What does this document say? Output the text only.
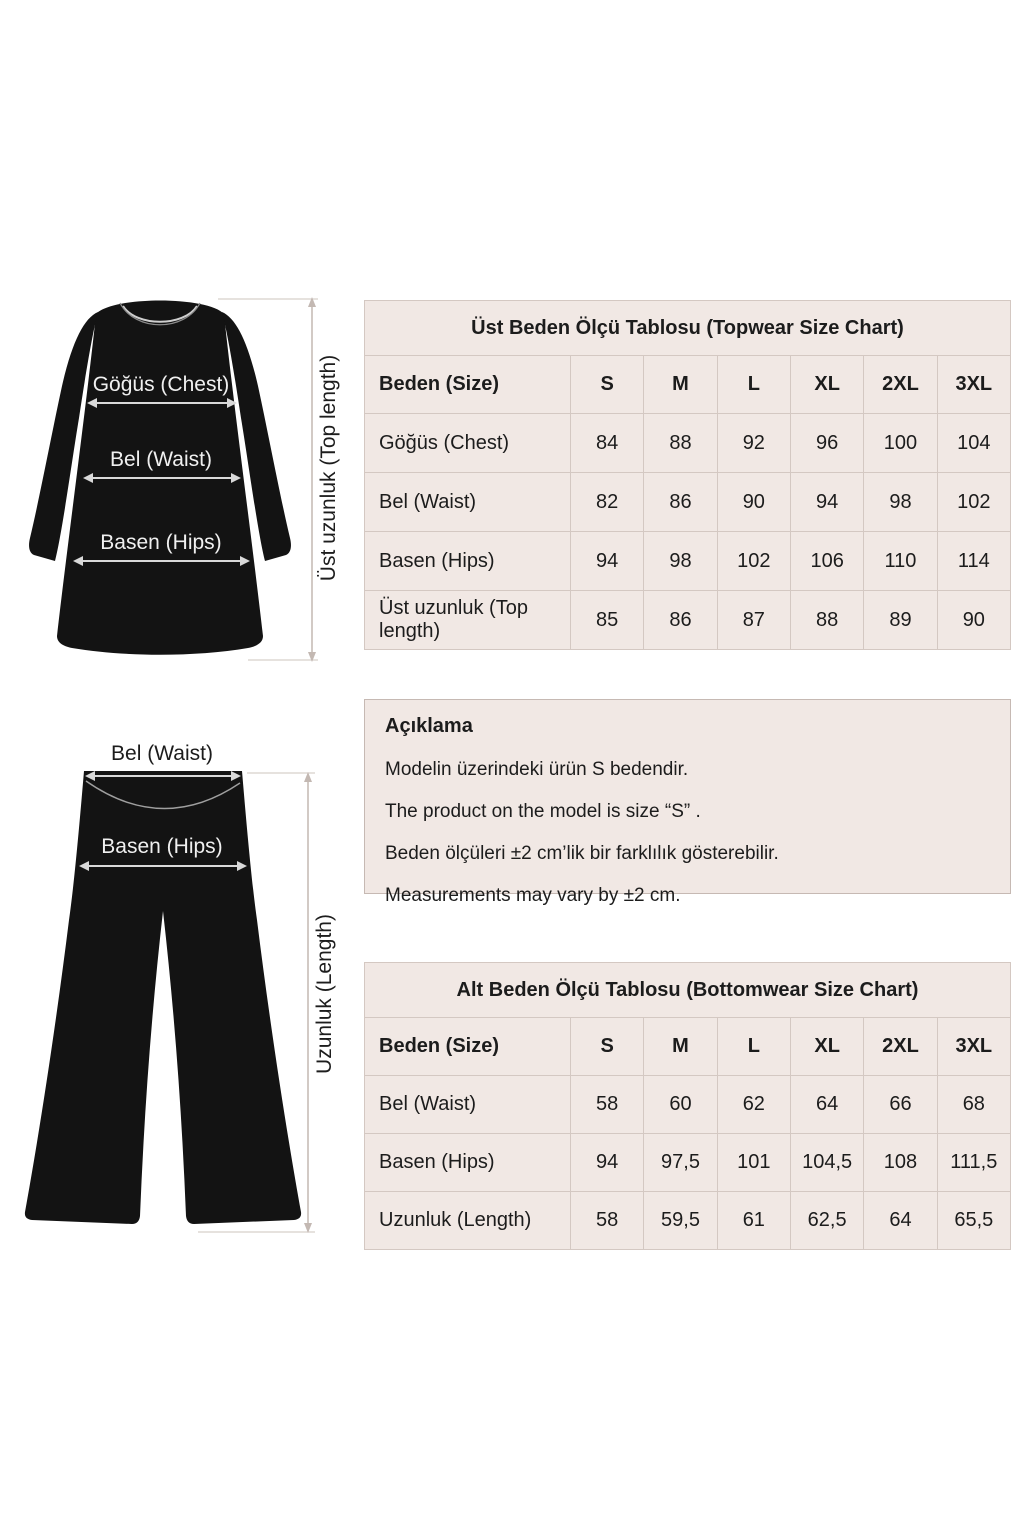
Göğüs (Chest)
Bel (Waist)
Basen (Hips)	Üst uzunluk (Top length)
Bel (Waist)
Basen (Hips)
Uzunluk (Length)
Üst Beden Ölçü Tablosu (Topwear Size Chart)						
Beden (Size)	S	M	L	XL	2XL	3XL
Göğüs (Chest)	84	88	92	96	100	104
Bel (Waist)	82	86	90	94	98	102
Basen (Hips)	94	98	102	106	110	114
Üst uzunluk (Top length)	85	86	87	88	89	90
Açıklama

Modelin üzerindeki ürün S bedendir.

The product on the model is size “S” .

Beden ölçüleri ±2 cm’lik bir farklılık gösterebilir.

Measurements may vary by ±2 cm.

Alt Beden Ölçü Tablosu (Bottomwear Size Chart)						
Beden (Size)	S	M	L	XL	2XL	3XL
Bel (Waist)	58	60	62	64	66	68
Basen (Hips)	94	97,5	101	104,5	108	111,5
Uzunluk (Length)	58	59,5	61	62,5	64	65,5
